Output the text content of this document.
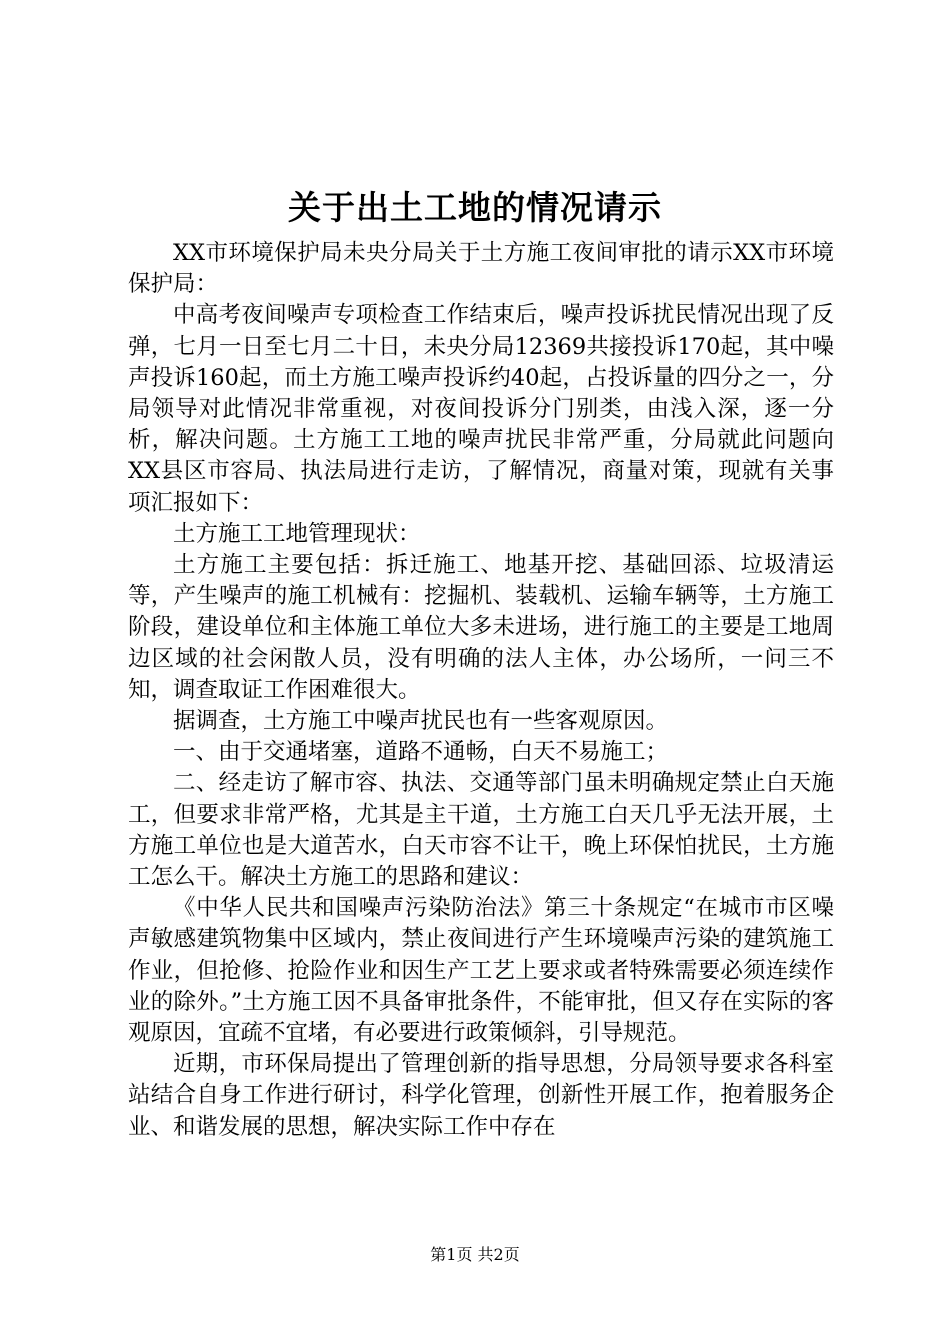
关于出土工地的情况请示

XX市环境保护局未央分局关于土方施工夜间审批的请示XX市环境保护局：

中高考夜间噪声专项检查工作结束后，噪声投诉扰民情况出现了反弹，七月一日至七月二十日，未央分局12369共接投诉170起，其中噪声投诉160起，而土方施工噪声投诉约40起，占投诉量的四分之一，分局领导对此情况非常重视，对夜间投诉分门别类，由浅入深，逐一分析，解决问题。土方施工工地的噪声扰民非常严重，分局就此问题向XX县区市容局、执法局进行走访，了解情况，商量对策，现就有关事项汇报如下：

土方施工工地管理现状：

土方施工主要包括：拆迁施工、地基开挖、基础回添、垃圾清运等，产生噪声的施工机械有：挖掘机、装载机、运输车辆等，土方施工阶段，建设单位和主体施工单位大多未进场，进行施工的主要是工地周边区域的社会闲散人员，没有明确的法人主体，办公场所，一问三不知，调查取证工作困难很大。

据调查，土方施工中噪声扰民也有一些客观原因。

一、由于交通堵塞，道路不通畅，白天不易施工；

二、经走访了解市容、执法、交通等部门虽未明确规定禁止白天施工，但要求非常严格，尤其是主干道，土方施工白天几乎无法开展，土方施工单位也是大道苦水，白天市容不让干，晚上环保怕扰民，土方施工怎么干。解决土方施工的思路和建议：

《中华人民共和国噪声污染防治法》第三十条规定“在城市市区噪声敏感建筑物集中区域内，禁止夜间进行产生环境噪声污染的建筑施工作业，但抢修、抢险作业和因生产工艺上要求或者特殊需要必须连续作业的除外。”土方施工因不具备审批条件，不能审批，但又存在实际的客观原因，宜疏不宜堵，有必要进行政策倾斜，引导规范。

近期，市环保局提出了管理创新的指导思想，分局领导要求各科室站结合自身工作进行研讨，科学化管理，创新性开展工作，抱着服务企业、和谐发展的思想，解决实际工作中存在

第1页 共2页
